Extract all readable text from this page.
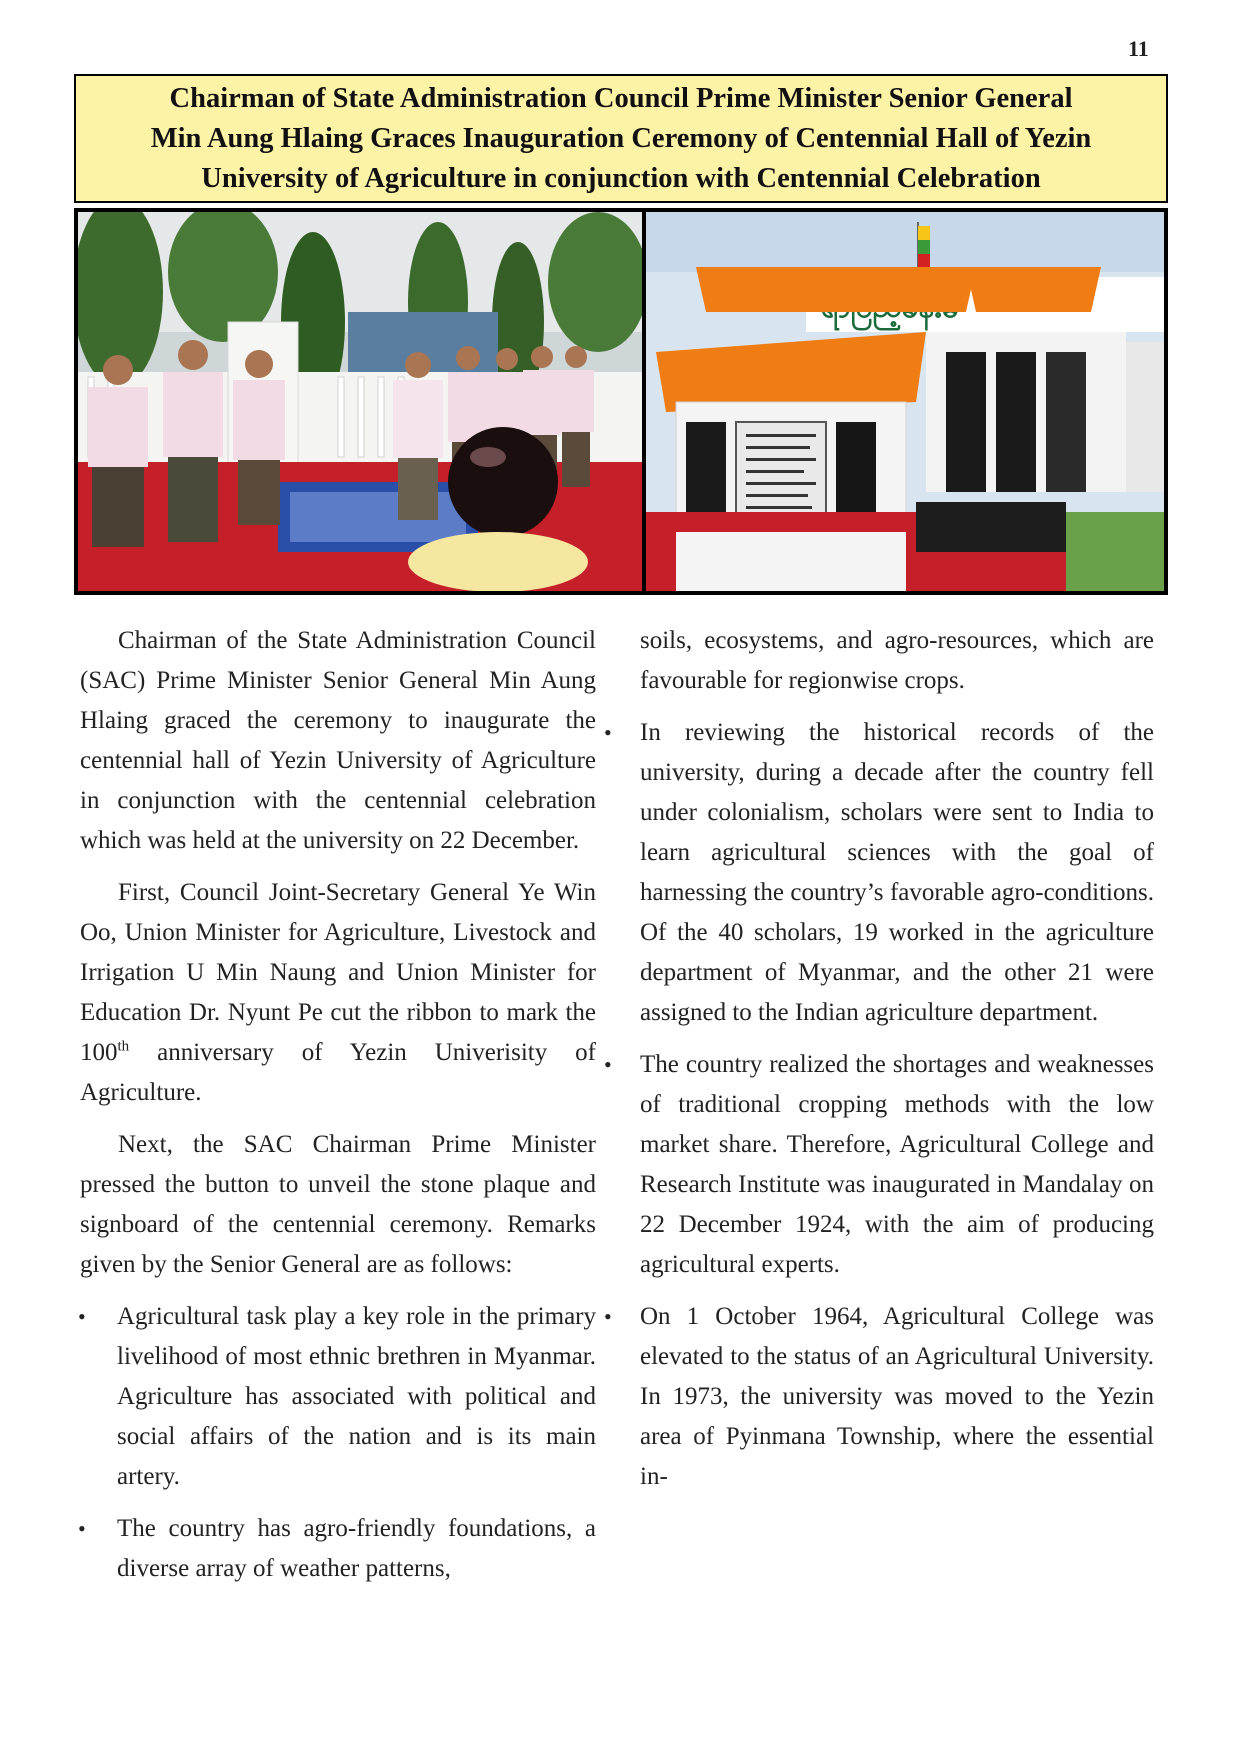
11
Chairman of State Administration Council Prime Minister Senior General
Min Aung Hlaing Graces Inauguration Ceremony of Centennial Hall of Yezin
University of Agriculture in conjunction with Centennial Celebration

Chairman of the State Administration Council (SAC) Prime Minister Senior General Min Aung Hlaing graced the ceremony to inaugurate the centennial hall of Yezin University of Agriculture in conjunction with the centennial celebration which was held at the university on 22 December.

First, Council Joint-Secretary General Ye Win Oo, Union Minister for Agriculture, Livestock and Irrigation U Min Naung and Union Minister for Education Dr. Nyunt Pe cut the ribbon to mark the 100th anniversary of Yezin Univerisity of Agriculture.

Next, the SAC Chairman Prime Minister pressed the button to unveil the stone plaque and signboard of the centennial ceremony. Remarks given by the Senior General are as follows:

• Agricultural task play a key role in the primary livelihood of most ethnic brethren in Myanmar. Agriculture has associated with political and social affairs of the nation and is its main artery.
• The country has agro-friendly foundations, a diverse array of weather patterns,

soils, ecosystems, and agro-resources, which are favourable for regionwise crops.

• In reviewing the historical records of the university, during a decade after the country fell under colonialism, scholars were sent to India to learn agricultural sciences with the goal of harnessing the country’s favorable agro-conditions. Of the 40 scholars, 19 worked in the agriculture department of Myanmar, and the other 21 were assigned to the Indian agriculture department.
• The country realized the shortages and weaknesses of traditional cropping methods with the low market share. Therefore, Agricultural College and Research Institute was inaugurated in Mandalay on 22 December 1924, with the aim of producing agricultural experts.
• On 1 October 1964, Agricultural College was elevated to the status of an Agricultural University. In 1973, the university was moved to the Yezin area of Pyinmana Township, where the essential in-
